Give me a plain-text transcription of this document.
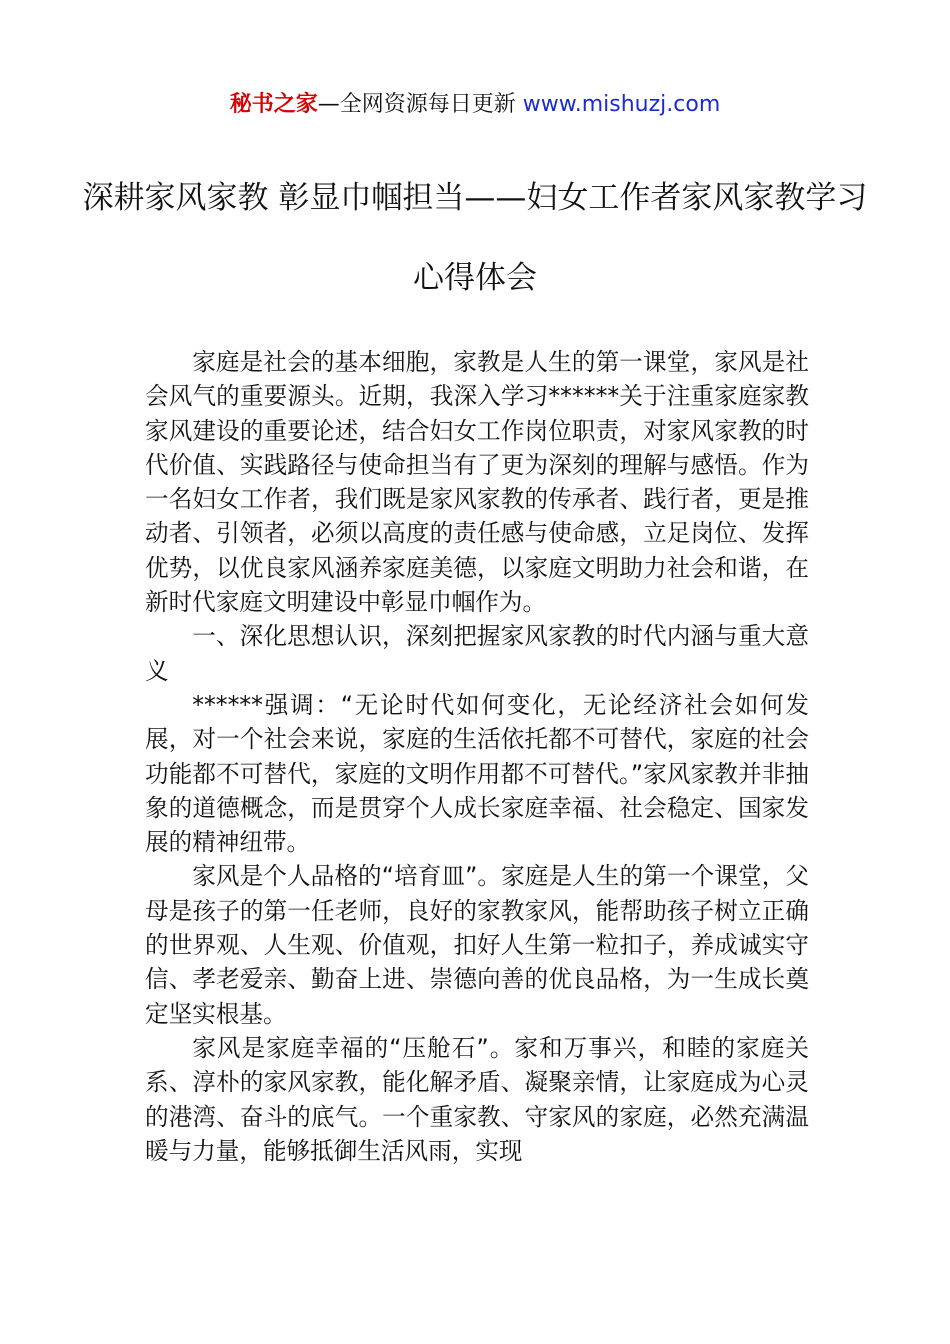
秘书之家—全网资源每日更新 www.mishuzj.com
深耕家风家教 彰显巾帼担当——妇女工作者家风家教学习心得体会

家庭是社会的基本细胞，家教是人生的第一课堂，家风是社会风气的重要源头。近期，我深入学习******关于注重家庭家教家风建设的重要论述，结合妇女工作岗位职责，对家风家教的时代价值、实践路径与使命担当有了更为深刻的理解与感悟。作为一名妇女工作者，我们既是家风家教的传承者、践行者，更是推动者、引领者，必须以高度的责任感与使命感，立足岗位、发挥优势，以优良家风涵养家庭美德，以家庭文明助力社会和谐，在新时代家庭文明建设中彰显巾帼作为。

一、深化思想认识，深刻把握家风家教的时代内涵与重大意义

******强调：“无论时代如何变化，无论经济社会如何发展，对一个社会来说，家庭的生活依托都不可替代，家庭的社会功能都不可替代，家庭的文明作用都不可替代。”家风家教并非抽象的道德概念，而是贯穿个人成长家庭幸福、社会稳定、国家发展的精神纽带。

家风是个人品格的“培育皿”。家庭是人生的第一个课堂，父母是孩子的第一任老师，良好的家教家风，能帮助孩子树立正确的世界观、人生观、价值观，扣好人生第一粒扣子，养成诚实守信、孝老爱亲、勤奋上进、崇德向善的优良品格，为一生成长奠定坚实根基。

家风是家庭幸福的“压舱石”。家和万事兴，和睦的家庭关系、淳朴的家风家教，能化解矛盾、凝聚亲情，让家庭成为心灵的港湾、奋斗的底气。一个重家教、守家风的家庭，必然充满温暖与力量，能够抵御生活风雨，实现
